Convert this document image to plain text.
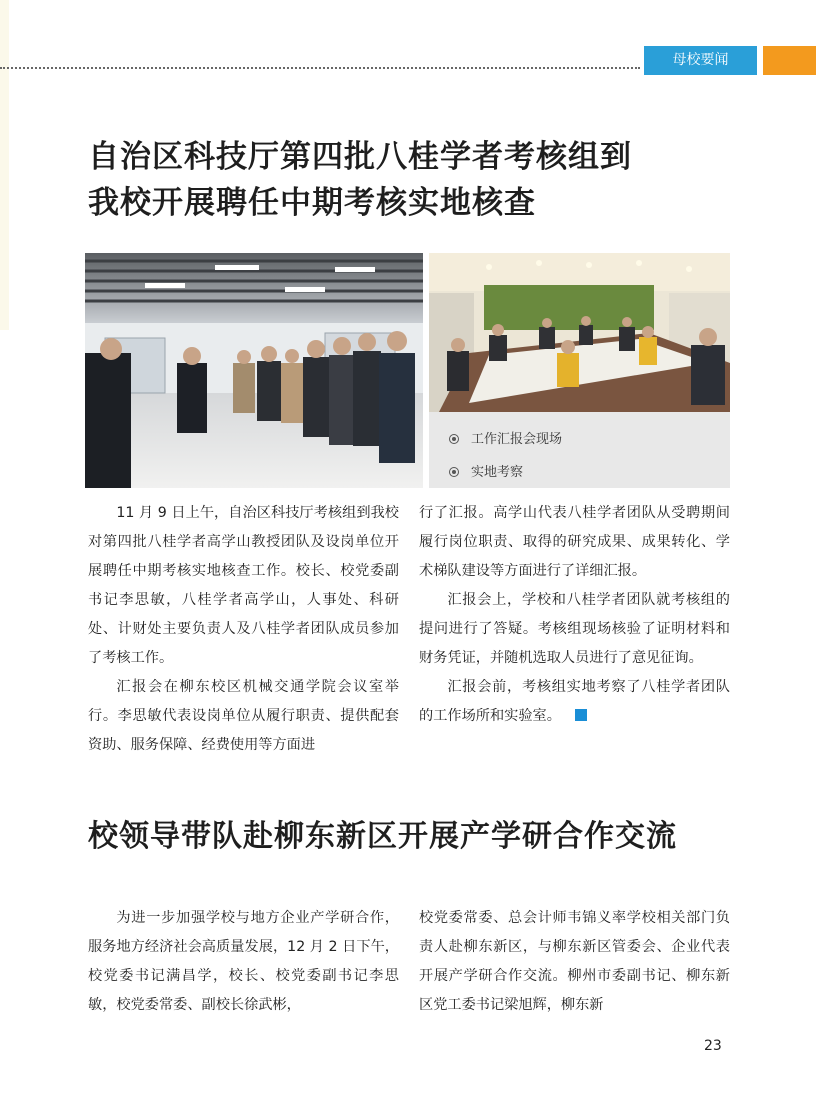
母校要闻
自治区科技厅第四批八桂学者考核组到
我校开展聘任中期考核实地核查
工作汇报会现场
实地考察

11 月 9 日上午，自治区科技厅考核组到我校对第四批八桂学者高学山教授团队及设岗单位开展聘任中期考核实地核查工作。校长、校党委副书记李思敏，八桂学者高学山，人事处、科研处、计财处主要负责人及八桂学者团队成员参加了考核工作。

汇报会在柳东校区机械交通学院会议室举行。李思敏代表设岗单位从履行职责、提供配套资助、服务保障、经费使用等方面进

行了汇报。高学山代表八桂学者团队从受聘期间履行岗位职责、取得的研究成果、成果转化、学术梯队建设等方面进行了详细汇报。

汇报会上，学校和八桂学者团队就考核组的提问进行了答疑。考核组现场核验了证明材料和财务凭证，并随机选取人员进行了意见征询。

汇报会前，考核组实地考察了八桂学者团队的工作场所和实验室。

校领导带队赴柳东新区开展产学研合作交流

为进一步加强学校与地方企业产学研合作，服务地方经济社会高质量发展，12 月 2 日下午，校党委书记满昌学，校长、校党委副书记李思敏，校党委常委、副校长徐武彬，

校党委常委、总会计师韦锦义率学校相关部门负责人赴柳东新区，与柳东新区管委会、企业代表开展产学研合作交流。柳州市委副书记、柳东新区党工委书记梁旭辉，柳东新

23
